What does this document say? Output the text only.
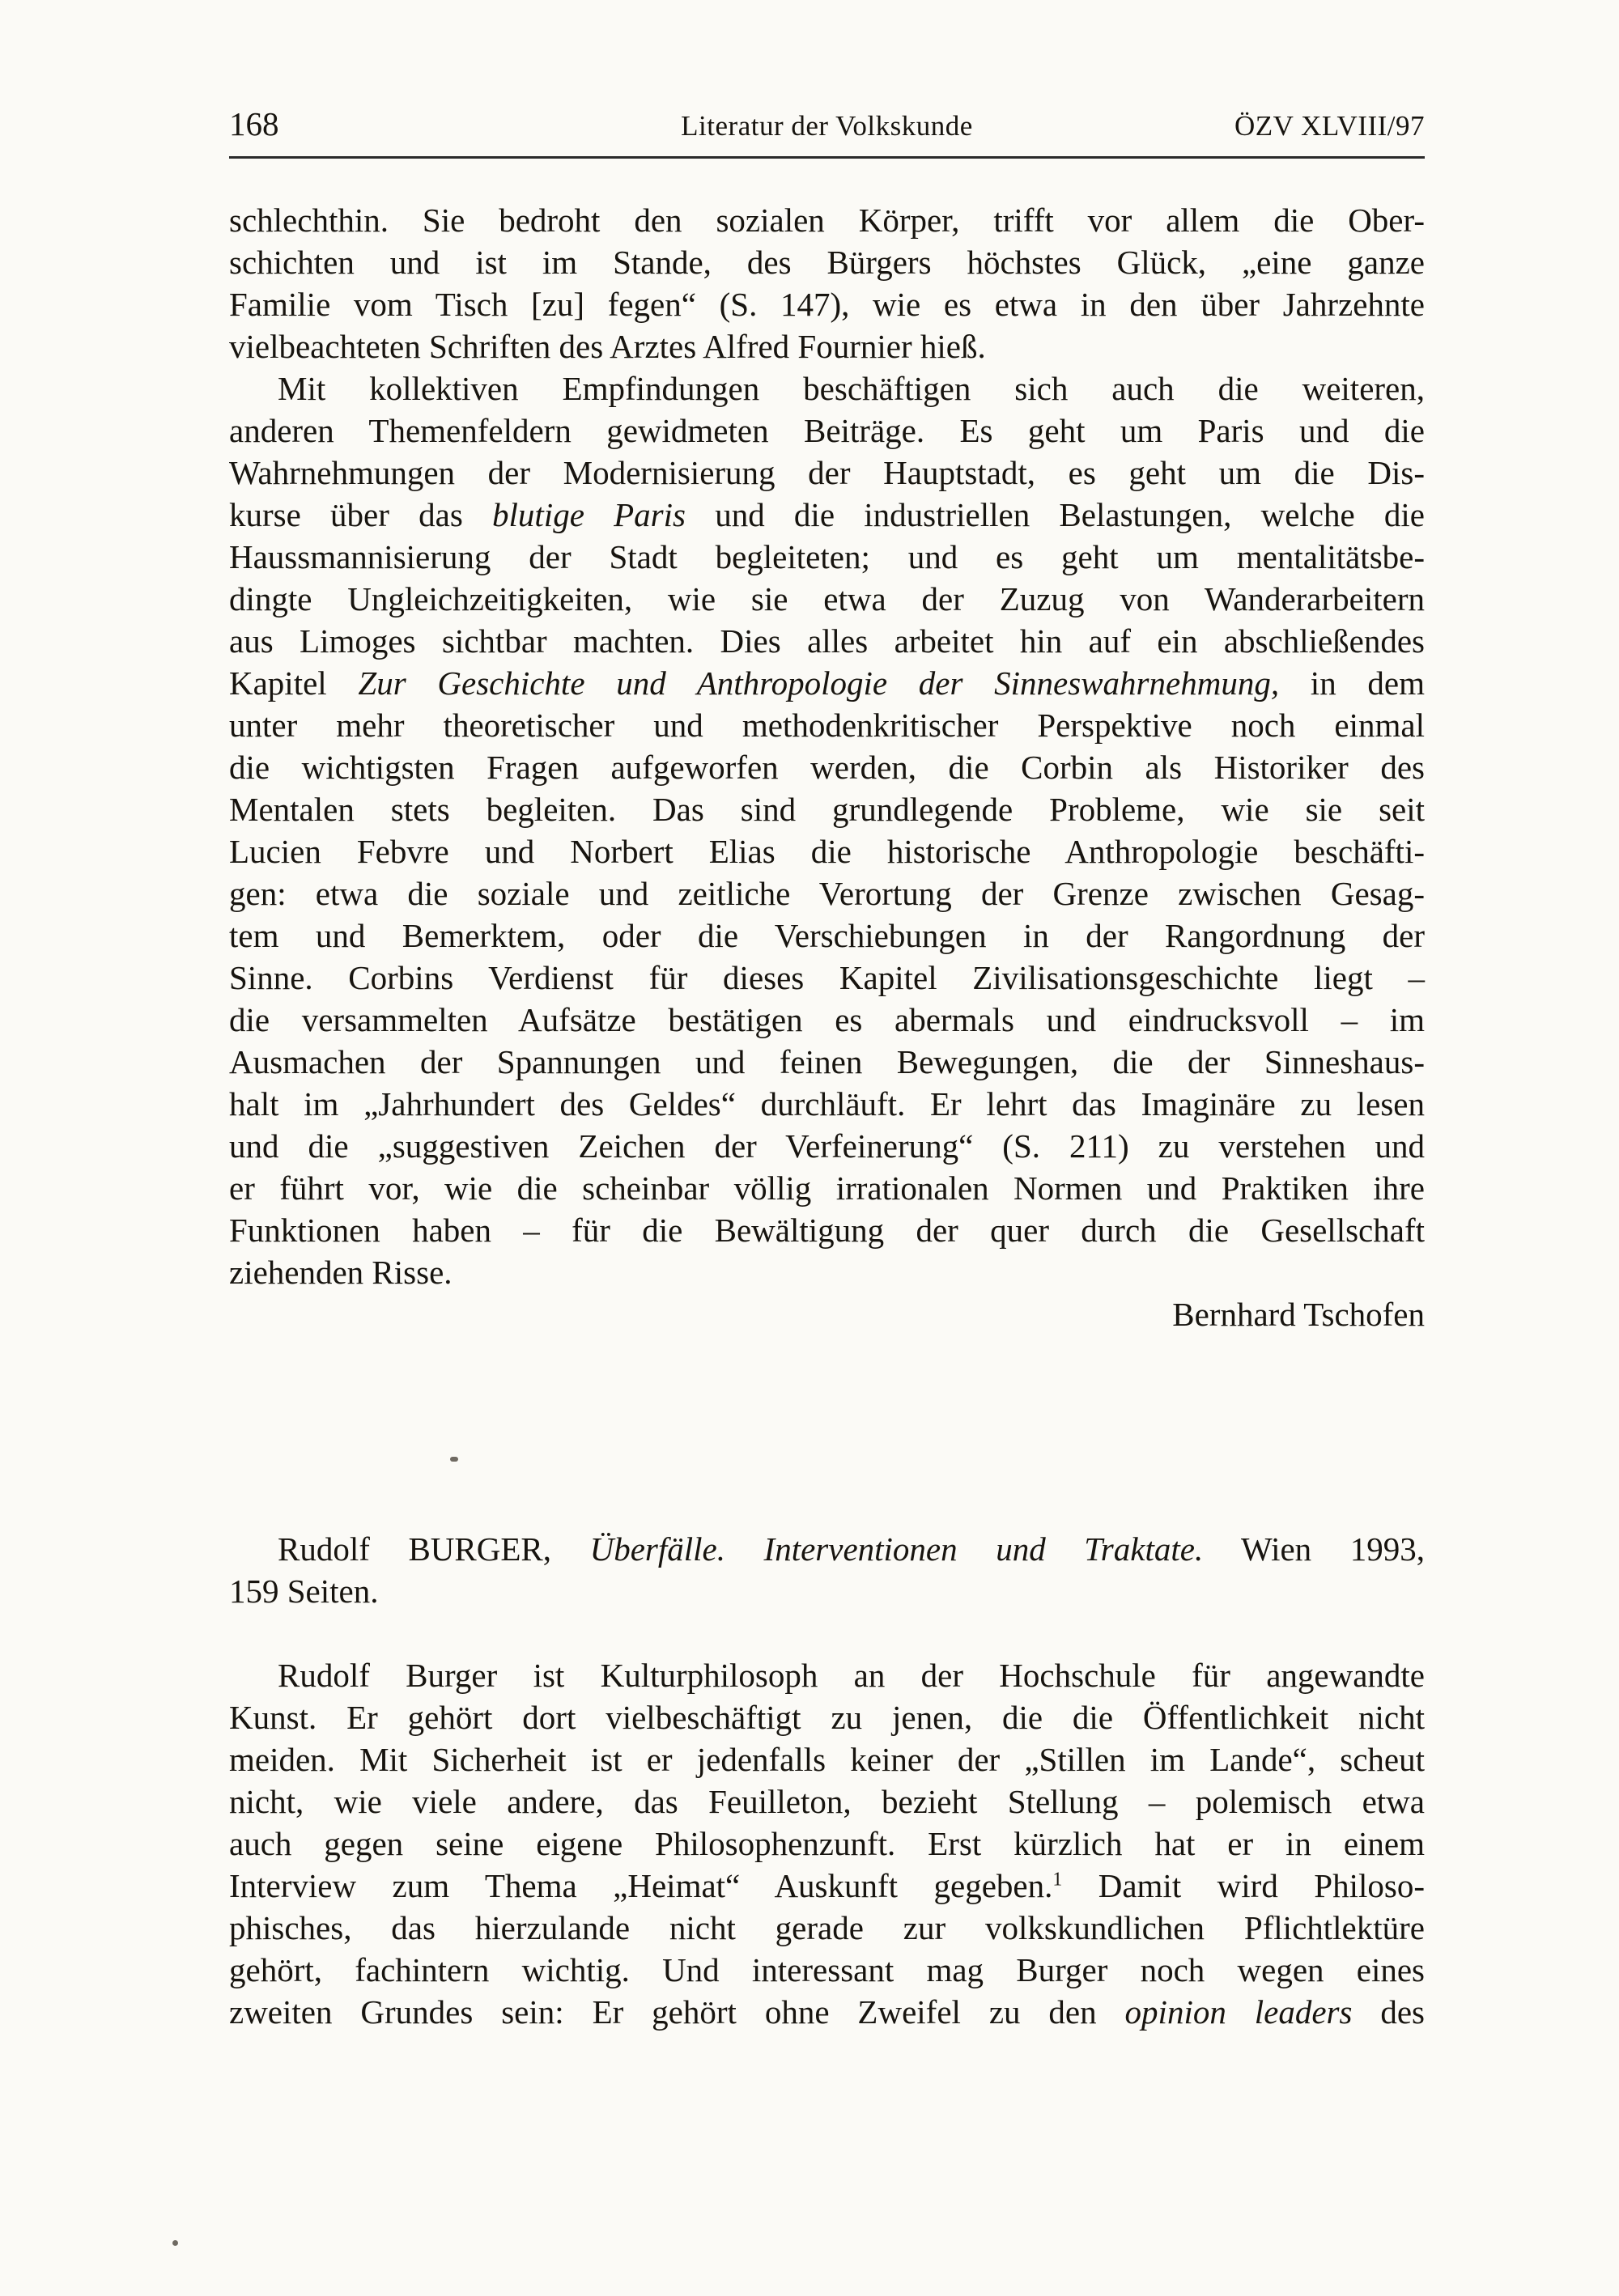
168	Literatur der Volkskunde	ÖZV XLVIII/97
schlechthin. Sie bedroht den sozialen Körper, trifft vor allem die Ober-
schichten und ist im Stande, des Bürgers höchstes Glück, „eine ganze
Familie vom Tisch [zu] fegen“ (S. 147), wie es etwa in den über Jahrzehnte
vielbeachteten Schriften des Arztes Alfred Fournier hieß.
Mit kollektiven Empfindungen beschäftigen sich auch die weiteren,
anderen Themenfeldern gewidmeten Beiträge. Es geht um Paris und die
Wahrnehmungen der Modernisierung der Hauptstadt, es geht um die Dis-
kurse über das blutige Paris und die industriellen Belastungen, welche die
Haussmannisierung der Stadt begleiteten; und es geht um mentalitätsbe-
dingte Ungleichzeitigkeiten, wie sie etwa der Zuzug von Wanderarbeitern
aus Limoges sichtbar machten. Dies alles arbeitet hin auf ein abschließendes
Kapitel Zur Geschichte und Anthropologie der Sinneswahrnehmung, in dem
unter mehr theoretischer und methodenkritischer Perspektive noch einmal
die wichtigsten Fragen aufgeworfen werden, die Corbin als Historiker des
Mentalen stets begleiten. Das sind grundlegende Probleme, wie sie seit
Lucien Febvre und Norbert Elias die historische Anthropologie beschäfti-
gen: etwa die soziale und zeitliche Verortung der Grenze zwischen Gesag-
tem und Bemerktem, oder die Verschiebungen in der Rangordnung der
Sinne. Corbins Verdienst für dieses Kapitel Zivilisationsgeschichte liegt –
die versammelten Aufsätze bestätigen es abermals und eindrucksvoll – im
Ausmachen der Spannungen und feinen Bewegungen, die der Sinneshaus-
halt im „Jahrhundert des Geldes“ durchläuft. Er lehrt das Imaginäre zu lesen
und die „suggestiven Zeichen der Verfeinerung“ (S. 211) zu verstehen und
er führt vor, wie die scheinbar völlig irrationalen Normen und Praktiken ihre
Funktionen haben – für die Bewältigung der quer durch die Gesellschaft
ziehenden Risse.
Bernhard Tschofen
Rudolf BURGER, Überfälle. Interventionen und Traktate. Wien 1993,
159 Seiten.
Rudolf Burger ist Kulturphilosoph an der Hochschule für angewandte
Kunst. Er gehört dort vielbeschäftigt zu jenen, die die Öffentlichkeit nicht
meiden. Mit Sicherheit ist er jedenfalls keiner der „Stillen im Lande“, scheut
nicht, wie viele andere, das Feuilleton, bezieht Stellung – polemisch etwa
auch gegen seine eigene Philosophenzunft. Erst kürzlich hat er in einem
Interview zum Thema „Heimat“ Auskunft gegeben.$^1$ Damit wird Philoso-
phisches, das hierzulande nicht gerade zur volkskundlichen Pflichtlektüre
gehört, fachintern wichtig. Und interessant mag Burger noch wegen eines
zweiten Grundes sein: Er gehört ohne Zweifel zu den opinion leaders des
